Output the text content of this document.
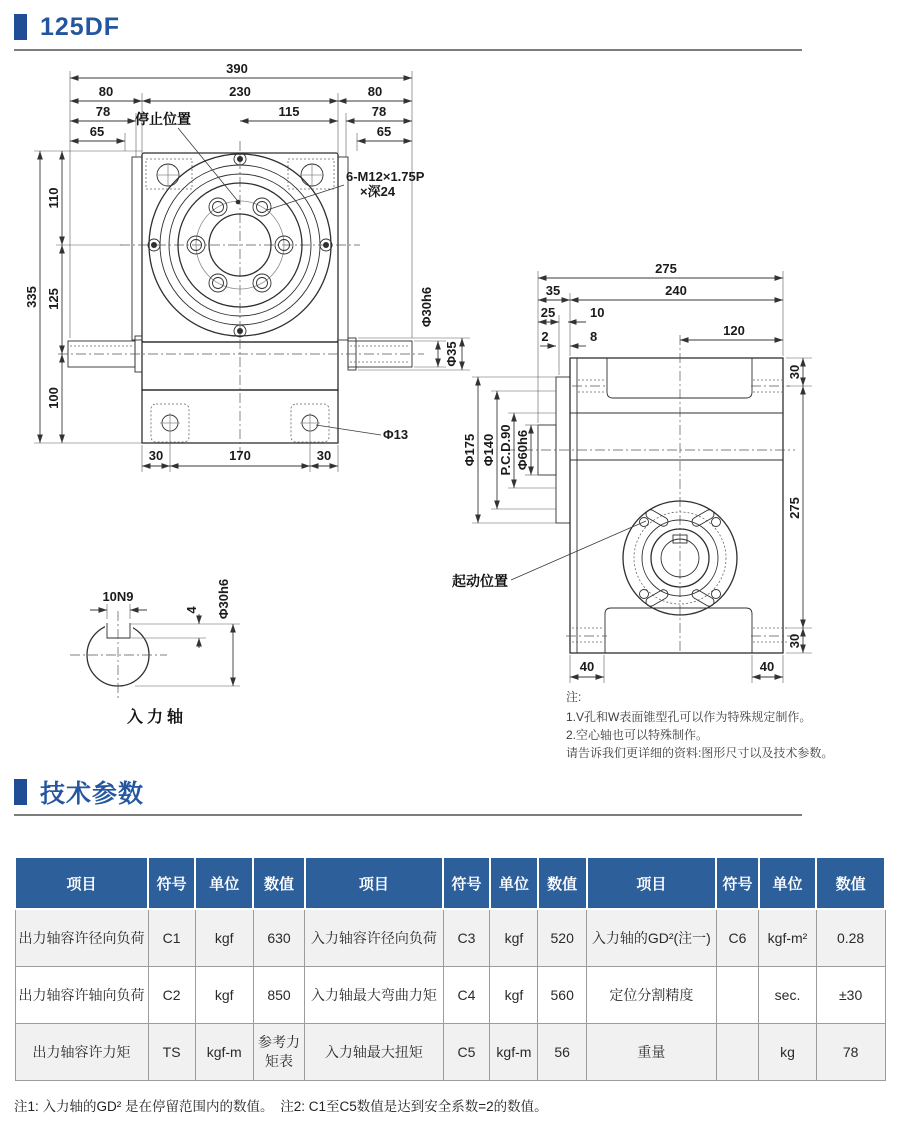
125DF
390
80	230	80
78	115	78
65	65
停止位置
6-M12×1.75P
×深24
335
110
125
100
30	170	30
Φ13
Φ30h6
Φ35
起动位置
275
35	240
25	10
2	8	120
30
275
30
40	40
Φ175 Φ140 P.C.D.90 Φ60h6
10N9
4 Φ30h6
入力轴
注:
1.V孔和W表面锥型孔可以作为特殊规定制作。
2.空心轴也可以特殊制作。
请告诉我们更详细的资料:图形尺寸以及技术参数。
技术参数
项目	符号	单位	数值	项目	符号	单位	数值	项目	符号	单位	数值
出力轴容许径向负荷	C1	kgf	630	入力轴容许径向负荷	C3	kgf	520	入力轴的GD²(注一)	C6	kgf-m²	0.28
出力轴容许轴向负荷	C2	kgf	850	入力轴最大弯曲力矩	C4	kgf	560	定位分割精度		sec.	±30
出力轴容许力矩	TS	kgf-m	参考力矩表	入力轴最大扭矩	C5	kgf-m	56	重量		kg	78
注1: 入力轴的GD² 是在停留范围内的数值。　注2: C1至C5数值是达到安全系数=2的数值。
